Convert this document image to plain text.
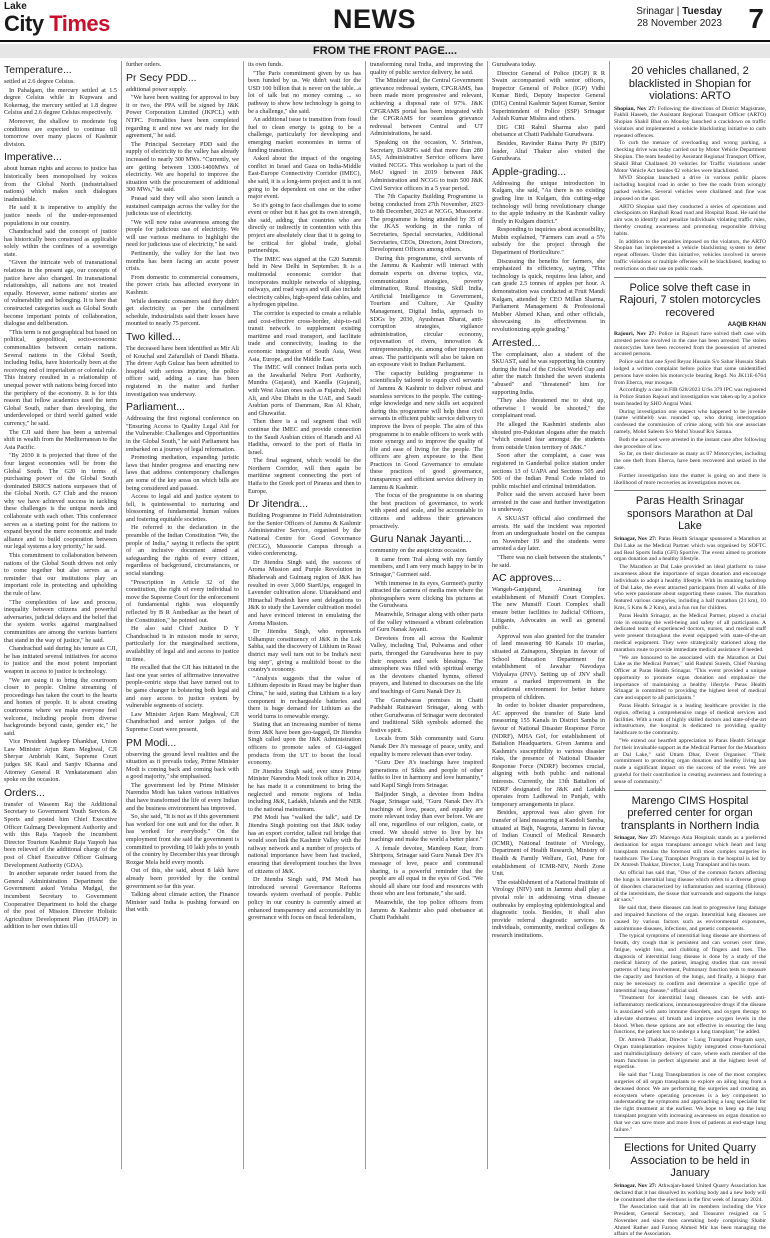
Lake
City Times	NEWS	Srinagar | Tuesday
28 November 2023 7
FROM THE FRONT PAGE....
Temperature...

settled at 2.6 degree Celsius.

In Pahalgam, the mercury settled at 1.5 degree Celsius while in Kupwara and Kokernag, the mercury settled at 1.8 degree Celsius and 2.6 degree Celsius respectively.

Moreover, the shallow to moderate fog conditions are expected to continue till tomorrow over many places of Kashmir division.

Imperative...

about human rights and access to justice has historically been monopolised by voices from the Global North (industrialised nations) which makes such dialogues inadmissible.

He said it is imperative to amplify the justice needs of the under-represented populations in our country.

Chandrachud said the concept of justice has historically been construed as applicable solely within the confines of a sovereign state.

"Given the intricate web of transnational relations in the present age, our concepts of justice have also changed. In transnational relationships, all nations are not treated equally. However, some nations' stories are of vulnerability and belonging. It is here that constructed categories such as Global South become important points of collaboration, dialogue and deliberation.

"This term is not geographical but based on political, geopolitical, socio-economic commonalities between certain nations. Several nations in the Global South, including India, have historically been at the receiving end of imperialism or colonial rule. This history resulted in a relationship of unequal power with nations being forced into the periphery of the economy. It is for this reason that fellow academics used the term Global South, rather than developing, the underdeveloped or third world gained wide currency," he said.

The CJI said there has been a universal shift in wealth from the Mediterranean to the Asia Pacific.

"By 2030 it is projected that three of the four largest economies will be from the Global South. The G20 in terms of purchasing power of the Global South dominated BRICS nations surpasses that of the Global North. G7 Club and the reason why we have achieved success in tackling these challenges is the unique needs and collaborate with each other. This conference serves as a starting point for the nations to expand beyond the mere economic and trade alliance and to build cooperation between our legal systems a key priority," he said.

This commitment to collaboration between nations of the Global South drives not only to come together but also serves as a reminder that our institutions play an important role in protecting and upholding the rule of law.

"The complexities of law and process, inequality between citizens and powerful adversaries, judicial delays and the belief that the system works against marginalised communities are among the various barriers that stand in the way of justice," he said.

Chandrachud said during his tenure as CJI, he has initiated several initiatives for access to justice and the most potent important weapon in access to justice is technology.

"We are using it to bring the courtroom closer to people. Online streaming of proceedings has taken the court to the hearts and homes of people. It is about creating courtrooms where we make everyone feel welcome, including people from diverse backgrounds beyond caste, gender etc," he said.

Vice President Jagdeep Dhankhar, Union Law Minister Arjun Ram Meghwal, CJI Sheryar Ambrish Kant, Supreme Court judges SK Kaul and Sanjiv Khanna and Attorney General R Venkataramani also spoke on the occasion.

Orders...

transfer of Waseem Raj the Additional Secretary to Government Youth Services & Sports and posted him Chief Executive Officer Gulmarg Development Authority and with this Raja Yaqoob the incumbent Director Tourism Kashmir Raja Yaqoob has been relieved of the additional charge of the post of Chief Executive Officer Gulmarg Development Authority (GDA).

In another separate order issued from the General Administration Department the Government asked Yeisha Mudgal, the incumbent Secretary to Government Cooperative Department to hold the charge of the post of Mission Director Holistic Agriculture Development Plan (HADP) in addition to her own duties till

further orders.

Pr Secy PDD...

additional power supply.

"We have been waiting for approval to buy it or two, the PPA will be signed by J&K Power Corporation Limited (JKPCL) with NTPC. Formalities have been completed regarding it and now we are ready for the agreement," he said.

The Principal Secretary PDD said the supply of electricity to the valley has already increased to nearly 300 MWs. "Currently, we are getting between 1300-1400MWs of electricity. We are hopeful to improve the situation with the procurement of additional 300 MWs," he said.

Prasad said they will also soon launch a sustained campaign across the valley for the judicious use of electricity.

"We will now raise awareness among the people for judicious use of electricity. We will use various mediums to highlight the need for judicious use of electricity," he said.

Pertinently, the valley for the last two months has been facing an acute power crisis.

From domestic to commercial consumers, the power crisis has affected everyone in Kashmir.

While domestic consumers said they didn't get electricity as per the curtailment schedule, industrialists said their losses have mounted to nearly 75 percent.

Two killed...

The deceased have been identified as Mir Ali of Kouchal and Zafarullah of Dandi Bhatta. The driver Aqib Gulzar has been admitted to hospital with serious injuries, the police officer said, adding a case has been registered in the matter and further investigation was underway.

Parliament...

Addressing the first regional conference on "Ensuring Access to Quality Legal Aid for the Vulnerable: Challenges and Opportunities in the Global South," he said Parliament has embarked on a journey of legal reformation.

Promoting mediation, expanding juristic laws that hinder progress and enacting new laws that address contemporary challenges are some of the key areas on which bills are being considered and passed.

Access to legal aid and justice system to fell, is quintessential to nurturing and blossoming of fundamental human values and fostering equitable societies.

He referred to the declaration in the preamble of the Indian Constitution "We, the people of India," saying it reflects the spirit of an inclusive document aimed at safeguarding the rights of every citizen, regardless of background, circumstances, or social standing.

"Prescription in Article 32 of the constitution, the right of every individual to move the Supreme Court for the enforcement of fundamental rights was eloquently reflected by B R Ambedkar as the heart of the Constitution," he pointed out.

He also said Chief Justice D Y Chandrachud is in mission mode to serve, particularly for the marginalised sections, availability of legal aid and access to justice in time.

He recalled that the CJI has initiated in the last one year series of affirmative innovative people-centric steps that have turned out to be game changer in bolstering both legal aid and easy access to justice system by vulnerable segments of society.

Law Minister Arjun Ram Meghwal, CJI Chandrachud and senior judges of the Supreme Court were present.

PM Modi...

observing the ground level realities and the situation as it prevails today, Prime Minister Modi is coming back and coming back with a good majority," she emphasised.

The government led by Prime Minister Narendra Modi has taken various initiatives that have transformed the life of every Indian and the business environment has improved.

So, she said, "It is not as if this government has worked for one suit and for the other. It has worked for everybody." On the employment front she said the government is committed to providing 10 lakh jobs to youth of the country by December this year through Rozgar Mela held every month.

Out of this, she said, about 8 lakh have already been provided by the central government so far this year.

Talking about climate action, the Finance Minister said India is pushing forward on that with

its own funds.

"The Paris commitment given by us has been funded by us. We didn't wait for the USD 100 billion that is never on the table...a lot of talk but no money coming ... so pathway to show how technology is going to be a challenge," she said.

An additional issue is transition from fossil fuel to clean energy is going to be a challenge, particularly for developing and emerging market economies in terms of funding transition.

Asked about the impact of the ongoing conflict in Israel and Gaza on India-Middle East-Europe Connectivity Corridor (IMEC), she said, it is a long-term project and it is not going to be dependent on one or the other major event.

So it's going to face challenges due to some event or other but it has got its own strength, she said, adding, that countries who are directly or indirectly in contention with this project are absolutely clear that it is going to be critical for global trade, global partnerships.

The IMEC was signed at the G20 Summit held in New Delhi in September. It is a multimodal economic corridor that incorporates multiple networks of shipping, railways, and road ways and will also include electricity cables, high-speed data cables, and a hydrogen pipeline.

The corridor is expected to create a reliable and cost-effective cross-border, ship-to-rail transit network to supplement existing maritime and road transport, and facilitate trade and connectivity, leading to the economic integration of South Asia, West Asia, Europe, and the Middle East.

The IMEC will connect Indian ports such as the Jawaharlal Nehru Port Authority, Mundra (Gujarat), and Kandla (Gujarat), with West Asian ones such as Fujairah, Jebel Ali, and Abu Dhabi in the UAE, and Saudi Arabian ports of Dammam, Ras Al Khair, and Ghuwaifat.

Then there is a rail segment that will continue the IMEC and provide connection to the Saudi Arabian cities of Haradh and Al Haditha, onward to the port of Haifa in Israel.

The final segment, which would be the Northern Corridor, will then again be maritime segment connecting the port of Haifa to the Greek port of Piraeus and then to Europe.

Dr Jitendra...

Building Programme in Field Administration for the Senior Officers of Jammu & Kashmir Administrative Service, organised by the National Centre for Good Governance (NCGG), Mussoorie Campus through a video conferencing.

Dr Jitendra Singh said, the success of Aroma Mission and Purple Revolution in Bhaderwah and Gulmarg region of J&K has resulted in over 3,000 StartUps, engaged in Lavender cultivation alone. Uttarakhand and Himachal Pradesh have sent delegations to J&K to study the Lavender cultivation model and have evinced interest in emulating the Aroma Mission.

Dr Jitendra Singh, who represents Udhampur constituency of J&K in the Lok Sabha, said the discovery of Lithium in Reasi district may well turn out to be India's next big step", giving a multifold boost to the country's economy.

"Analysis suggests that the value of Lithium deposits in Reasi may be higher than China," he said, stating that Lithium is a key component in rechargeable batteries and there is huge demand for Lithium as the world turns to renewable energy.

Stating that an increasing number of items from J&K have been geo-tagged, Dr Jitendra Singh called upon the J&K Administration officers to promote sales of GI-tagged products from the UT to boost the local economy.

Dr Jitendra Singh said, ever since Prime Minister Narendra Modi took office in 2014, he has made it a commitment to bring the neglected and remote regions of India including J&K, Ladakh, Islands and the NER to the national mainstream.

PM Modi has "walked the talk", said Dr Jitendra Singh pointing out that J&K today has an export corridor, tallest rail bridge that would soon link the Kashmir Valley with the railway network and a number of projects of national importance have been fast tracked, ensuring that development touches the lives of citizens of J&K.

Dr Jitendra Singh said, PM Modi has introduced several Governance Reforms towards system overhaul of people. Public policy in our country is currently aimed at enhanced transparency and accountability in governance with focus on fiscal federalism,

transforming rural India, and improving the quality of public service delivery, he said.

The Minister said, the Central Government grievance redressal system, CPGRAMS, has been made more progressive and relevant, achieving a disposal rate of 97%. J&K CPGRAMS portal has been integrated with the CPGRAMS for seamless grievance redressal between Central and UT Administrations, he said.

Speaking on the occasion, V. Srinivas, Secretary, DARPG said that more than 280 IAS, Administrative Service officers have visited NCGG. This workshop is part of the MoU signed in 2019 between J&K Administration and NCGG to train 500 J&K Civil Service officers in a 5 year period.

The 7th Capacity Building Programme is being conducted from 27th November, 2023 to 8th December, 2023 at NCGG, Mussoorie. The programme is being attended by 35 of the JKAS working in the ranks of Secretaries, Special secretaries, Additional Secretaries, CEOs, Directors, Joint Directors, Development Officers among others.

During this programme, civil servants of the Jammu & Kashmir will interact with domain experts on diverse topics, viz, communication strategies, poverty elimination, Rural Housing, Skill India, Artificial Intelligence in Government, Tourism and Culture, Air Quality Management, Digital India, approach to SDGs by 2030, Ayushman Bharat, anti-corruption strategies, vigilance administration, circular economy, rejuvenation of rivers, innovation & entrepreneurship, etc. among other important areas. The participants will also be taken on an exposure visit to Indian Parliament.

The capacity building programme is scientifically tailored to equip civil servants of Jammu & Kashmir to deliver robust and seamless services to the people. The cutting-edge knowledge and new skills set acquired during this programme will help these civil servants in efficient public service delivery to improve the lives of people. The aim of this programme is to enable officers to work with more synergy and to improve the quality of life and ease of living for the people. The officers are given exposure to the Best Practices in Good Governance to emulate these practices of good governance, transparency and efficient service delivery in Jammu & Kashmir.

The focus of the programme is on sharing the best practices of governance, to work with speed and scale, and be accountable to citizens and address their grievances proactively.

Guru Nanak Jayanti...

community on the auspicious occasion.

It came from Tral along with my family members, and I am very much happy to be in Srinagar," Gurmeet said.

With immense in its eyes, Gurmeet's purity attracted the camera of media men where the photographers were clicking his pictures at the Gurudwara.

Meanwhile, Srinagar along with other parts of the valley witnessed a vibrant celebration of Guru Nanak Jayanti.

Devotees from all across the Kashmir Valley, including Tral, Pulwama and other parts, thronged the Gurudwaras here to pay their respects and seek blessings. The atmosphere was filled with spiritual energy as the devotees chanted hymns, offered prayers, and listened to discourses on the life and teachings of Guru Nanak Dev Ji.

The Gurudwaras premises in Chatti Padshahi Rainawari Srinagar, along with other Gurudwaras of Srinagar were decorated and traditional Sikh symbols adorned the festive spirit.

Locals from Sikh community said Guru Nanak Dev Ji's message of peace, unity, and equality is more relevant than ever today.

"Guru Dev Ji's teachings have inspired generations of Sikhs and people of other faiths to live in harmony and love humanity," said Kapil Singh from Srinagar.

Baljinder Singh, a devotee from Indira Nagar, Srinagar said, "Guru Nanak Dev Ji's teachings of love, peace, and equality are more relevant today than ever before. We are all one, regardless of our religion, caste, or creed. We should strive to live by his teachings and make the world a better place."

A female devotee, Mandeep Kaur, from Shiripora, Srinagar said Guru Nanak Dev Ji's message of love, peace and communal sharing, is a powerful reminder that the people are all equal in the eyes of God. "We should all share our food and resources with those who are less fortunate," she said.

Meanwhile, the top police officers from Jammu & Kashmir also paid obeisance at Chatti Padshahi

Gurudwara today.

Director General of Police (DGP) R R Swain accompanied with senior officers, Inspector General of Police (IGP) Vidhi Kumar Birdi, Deputy Inspector General (DIG) Central Kashmir Sujeet Kumar, Senior Superintendent of Police (SSP) Srinagar Ashish Kumar Mishra and others.

DIG CRI Rahul Sharma also paid obeisance at Chatti Padshahi Gurudwara.

Besides, Ravinder Raina Party Pr (BJP) leader, Altaf Thakur also visited the Gurudwara.

Apple-grading...

Addressing the unique introduction in Kulgam, she said, "As there is no existing grading line in Kulgam, this cutting-edge technology will bring revolutionary change to the apple industry in the Kashmir valley firstly in Kulgam district."

Responding to inquiries about accessibility, Mubin explained, "Farmers can avail a 5% subsidy for the project through the Department of Horticulture."

Discussing the benefits for farmers, she emphasized its efficiency, saying, "This technology is quick, requires less labor, and can grade 2.5 tonnes of apples per hour. A demonstration was conducted at Fruit Mandi Kulgam, attended by CEO Millan Sharma, Parliament Management & Professional Mubber Ahmed Khan, and other officials, showcasing its effectiveness in revolutionizing apple grading."

Arrested...

The complainant, also a student of the SKUAST, said he was supporting his country during the final of the Cricket World Cup and after the match finished the seven students "abused" and "threatened" him for supporting India.

"They also threatened me to shut up, otherwise I would be shooted," the complainant read.

He alleged the Kashmiri students also shouted pro-Pakistan slogans after the match "which created fear amongst the students from outside Union territory of J&K."

Soon after the complaint, a case was registered in Ganderbal police station under sections 13 of UAPA and Sections 505 and 506 of the Indian Penal Code related to public mischief and criminal intimidation.

Police said the seven accused have been arrested in the case and further investigation is underway.

A SKUAST official also confirmed the arrests. He said the incident was reported from an undergraduate hostel on the campus on November 19 and the students were arrested a day later.

"There was no clash between the students," he said.

AC approves...

Wangeh-Ganjajund, Anantnag for establishment of Munsiff Court Complex. The new Munsiff Court Complex shall ensure better facilities to Judicial Officers, Litigants, Advocates as well as general public.

Approval was also granted for the transfer of land measuring 90 Kanals 10 marlas, situated at Zainapora, Shopian in favour of School Education Department for establishment of Jawahar Navodaya Vidyalaya (JNV). Setting up of JNV shall ensure a marked improvement in the educational environment for better future prospects of children.

In order to bolster disaster preparedness, AC approved the transfer of State land measuring 155 Kanals in District Samba in favour of National Disaster Response Force (NDRF), MHA GoI, for establishment of Battalion Headquarters. Given Jammu and Kashmir's susceptibility to various disaster risks, the presence of National Disaster Response Force (NDRF) becomes crucial, aligning with both public and national interests. Currently, the 13th Battalion of NDRF designated for J&K and Ladakh operates from Ladhowal in Punjab, with temporary arrangements in place.

Besides, approval was also given for transfer of land measuring at Kandoli Samba, situated at Bajh, Nagrota, Jammu in favour of Indian Council of Medical Research (ICMR), National Institute of Virology, Department of Health Research, Ministry of Health & Family Welfare, GoI, Pune for establishment of ICMR-NIV, North Zone Unit.

The establishment of a National Institute of Virology (NIV) unit in Jammu shall play a pivotal role in addressing virus disease outbreaks by employing epidemiological and diagnostic tools. Besides, it shall also provide referral diagnostic services to individuals, community, medical colleges & research institutions.

20 vehicles challaned, 2 blacklisted in Shopian for violations: ARTO

Shopian, Nov 27: Following the directions of District Magistrate, Fakhil Haseeb, the Assistant Regional Transport Officer (ARTO) Shopian Shakil Bhat on Monday launched a crackdown on traffic violators and implemented a vehicle blacklisting initiative to curb repeated offences.

To curb the menace of overloading and wrong parking, a checking drive was today carried out by Motor Vehicle Department Shopian. The team headed by Assistant Regional Transport Officer, Shakil Bhat Challaned 20 vehicles for Traffic violations under Motor Vehicle Act besides 02 vehicles were blacklisted.

MVD Shopian launched a drive in various public places including hospital road in order to free the roads from wrongly parked vehicles. Several vehicles were challaned and fine was imposed on the spot.

ARTO Shopian said they conducted a series of operations and checkpoints on Hanjball Road road and Hospital Road. He said the aim was to identify and penalize individuals violating traffic rules, thereby creating awareness and promoting responsible driving habits.

In addition to the penalties imposed on the violators, the ARTO Shopian has implemented a vehicle blacklisting system to deter repeat offenses. Under this initiative, vehicles involved in severe traffic violations or multiple offenses will be blacklisted, leading to restrictions on their use on public roads.

Police solve theft case in Rajouri, 7 stolen motorcycles recovered
AAQIB KHAN

Rajouri, Nov 27: Police in Rajouri have solved theft case with arrested person involved in the case has been arrested. The stolen motorcycles have been recovered from the possession of arrested accused persons.

Police said that one Syed Reyaz Hussain S/o Sabar Hussain Shah lodged a written complaint before police that some unidentified persons have stolen his motorcycle bearing Regd. No JK11E-6764 from Eberca, rear mosque.

Accordingly a case in FIR 628/2023 U/Ss 379 IPC was registered in Police Station Rajouri and investigation was taken up by a police team headed by SHO Angrai Wani.

During investigation one suspect who happened to be juvenile (name withheld) was rounded up, who during interrogation confessed the commission of crime along with his one associate namely, Mohd Saleem S/o Mohd Yousuf R/o Sarana.

Both the accused were arrested in the instant case after following due procedure of law.

So far, on their disclosure as many as 07 Motorcycles, including the one theft from Eberca, have been recovered and seized in the case.

Further investigation into the matter is going on and there is likelihood of more recoveries as investigation moves on.

Paras Health Srinagar sponsors Marathon at Dal Lake

Srinagar, Nov 27: Paras Health Srinagar sponsored a Marathon at Dal Lake as the Medical Partner which was organised by SOFTC and Real Sports India (GFI) Sportive. The event aimed to promote organ donation and a healthy lifestyle.

The Marathon at Dal Lake provided an ideal platform to raise awareness about the importance of organ donation and encourage individuals to adopt a healthy lifestyle. With its stunning backdrop of Dal Lake, the event attracted participants from all walks of life who were passionate about supporting these causes. The marathon featured various categories, including a half marathon (21 km), 10 Kms, 5 Kms & 2 Kms), and a fun run for children.

Paras Health Srinagar, as the Medical Partner, played a crucial role in ensuring the well-being and safety of all participants. A dedicated team of experienced doctors, nurses, and medical staff were present throughout the event equipped with state-of-the-art medical equipment. They were strategically stationed along the marathon route to provide immediate medical assistance if needed.

"We are honoured to be associated with the Marathon at Dal Lake as the Medical Partner," said Rashmi Suresh, Chief Nursing Officer at Paras Health Srinagar. "This event provided a unique opportunity to promote organ donation and emphasize the importance of maintaining a healthy lifestyle. Paras Health Srinagar is committed to providing the highest level of medical care and support to all participants."

Paras Health Srinagar is a leading healthcare provider in the region, offering a comprehensive range of medical services and facilities. With a team of highly skilled doctors and state-of-the-art infrastructure, the hospital is dedicated to providing quality healthcare to the community.

"We extend our heartfelt appreciation to Paras Health Srinagar for their invaluable support as the Medical Partner for the Marathon at Dal Lake," said Uttam Dhar, Event Organiser. "Their commitment to promoting organ donation and healthy living has made a significant impact on the success of the event. We are grateful for their contribution in creating awareness and fostering a sense of community."

Marengo CIMS Hospital preferred center for organ transplants in Northern India

Srinagar, Nov 27: Marengo Asia Hospitals stands as a preferred destination for organ transplants amongst which heart and lung transplants remains the foremost still most complex surgeries in healthcare. The Lung Transplant Program in the hospital is led by Dr Amresh Thakkar, Director, Lung Transplant and his team.

An official has said that, "One of the common factors affecting the lungs is interstitial lung disease which refers to a diverse group of disorders characterized by inflammation and scarring (fibrosis) of the interstitium, the tissue that surrounds and supports the lungs air sacs."

He said that, these diseases can lead to progressive lung damage and impaired functions of the organ. Interstitial lung diseases are caused by various factors such as environmental exposures, autoimmune diseases, infections, and genetic components.

The typical symptoms of interstitial lung disease are shortness of breath, dry cough that is persistent and can worsen over time, fatigue, weight loss, and clubbing of fingers and toes. The diagnosis of interstitial lung disease is done by a study of the medical history of the patient, imaging studies that can reveal patterns of lung involvement, Pulmonary function tests to measure the capacity and function of the lungs, and finally, a biopsy that may be necessary to confirm and determine a specific type of interstitial lung disease," official said.

"Treatment for interstitial lung diseases can be with anti-inflammatory medications, immunosuppressive drugs if the disease is associated with auto immune disorders, and oxygen therapy to alleviate shortness of breath and improve oxygen levels in the blood. When these options are not effective in ensuring the lung functions, the patient has to undergo a lung transplant," he added.

Dr. Amresh Thakkar, Director - Lung Transplant Program says, Organ transplantation requires highly integrated cross-functional and multidisciplinary delivery of care, where each member of the team functions in perfect alignment and at the highest level of expertise.

He said that "Lung Transplantation is one of the most complex surgeries of all organ transplants to explore on ailing lung from a deceased donor. We are performing the surgeries and creating an ecosystem where operating processes is a key component to understanding the symptoms and approaching a lung specialist for the right treatment at the earliest. We hope to keep up the lung transplant program with increasing awareness on organ donation so that we can save more and more lives of patients at end-stage lung failure."

Elections for United Quarry Association to be held in January

Srinagar, Nov 27: Athwajan-based United Quarry Association has declared that it has dissolved its working body and a new body will be constituted after the elections in the first week of January 2024.

The Association said that all its members including the Vice President, General Secretary, and Treasurer resigned on 5 November and since then caretaking body comprising Shabir Ahmed Rather and Farooq Ahmed Mir has been managing the affairs of the Association.
